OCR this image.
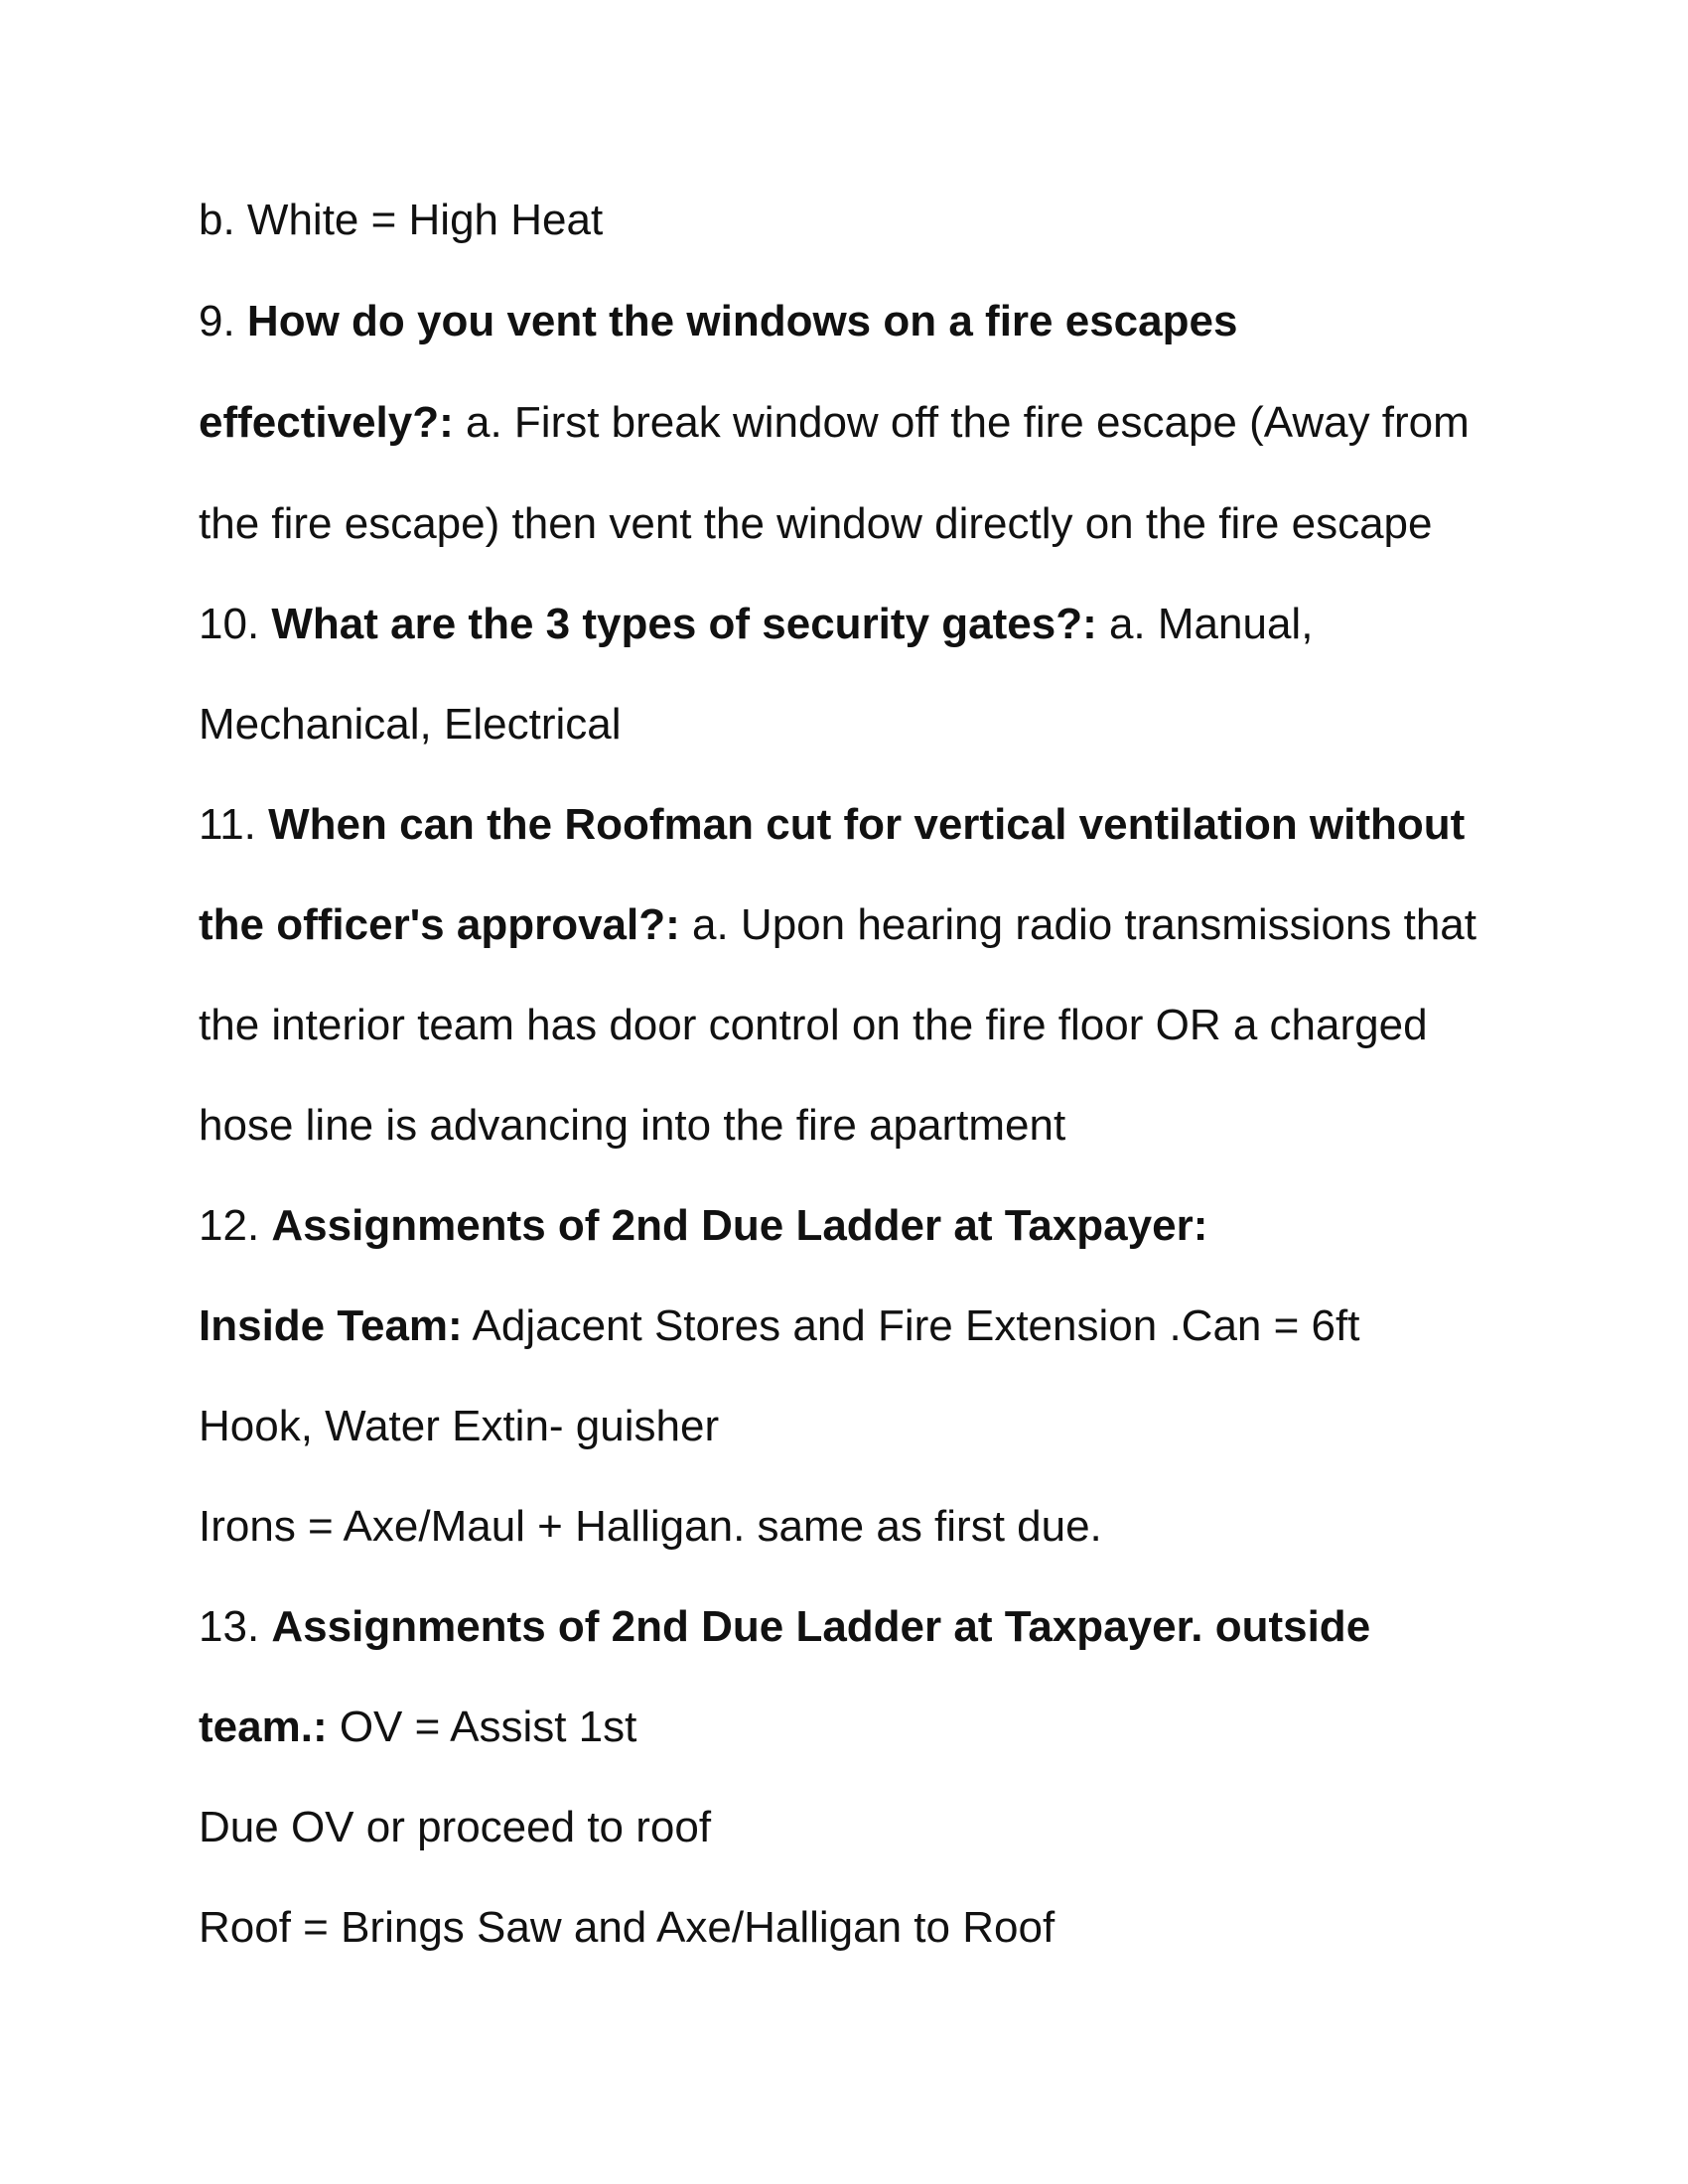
b. White = High Heat
9. How do you vent the windows on a fire escapes
effectively?: a. First break window off the fire escape (Away from
the fire escape) then vent the window directly on the fire escape
10. What are the 3 types of security gates?: a. Manual,
Mechanical, Electrical
11. When can the Roofman cut for vertical ventilation without
the officer's approval?: a. Upon hearing radio transmissions that
the interior team has door control on the fire floor OR a charged
hose line is advancing into the fire apartment
12. Assignments of 2nd Due Ladder at Taxpayer:
Inside Team: Adjacent Stores and Fire Extension .Can = 6ft
Hook, Water Extin- guisher
Irons = Axe/Maul + Halligan. same as first due.
13. Assignments of 2nd Due Ladder at Taxpayer. outside
team.: OV = Assist 1st
Due OV or proceed to roof
Roof = Brings Saw and Axe/Halligan to Roof
